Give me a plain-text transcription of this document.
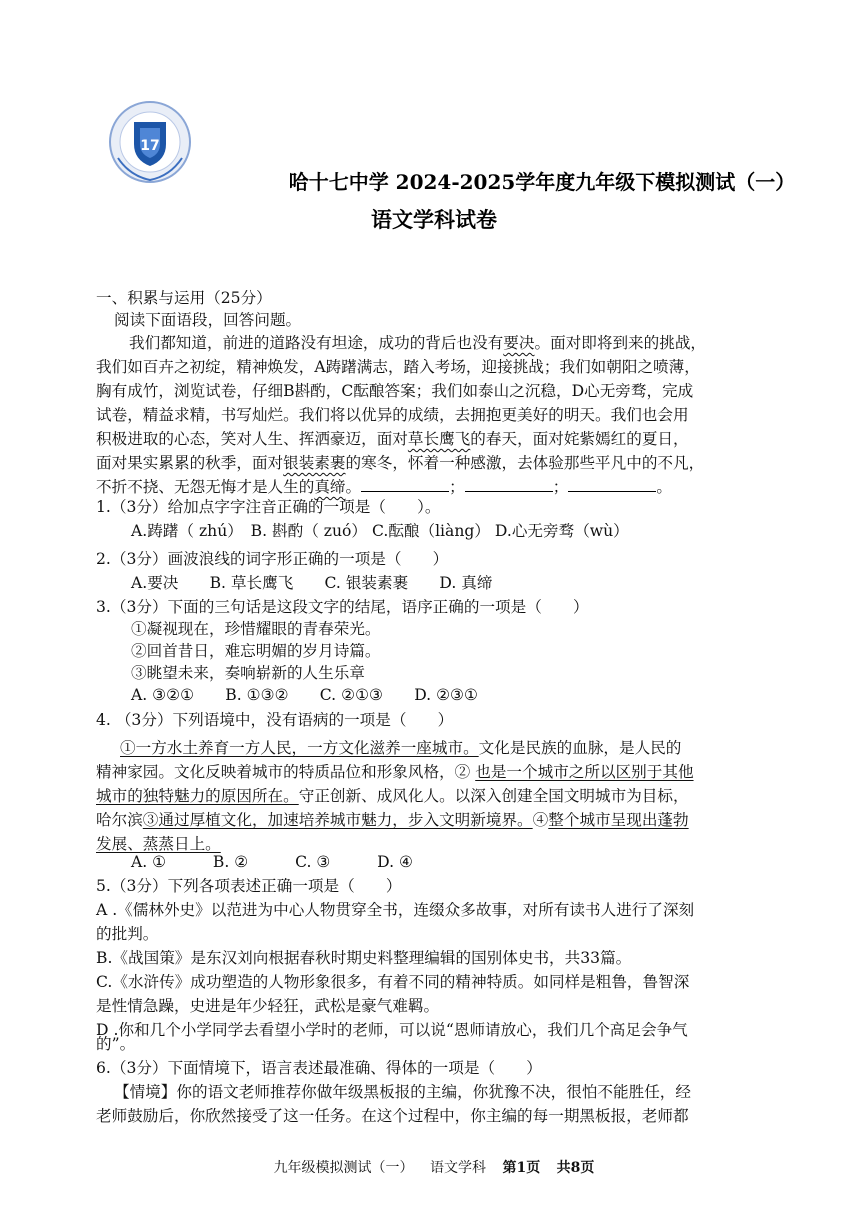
17
哈十七中学 2024-2025学年度九年级下模拟测试（一）
语文学科试卷
一、积累与运用（25分）
阅读下面语段，回答问题。
我们都知道，前进的道路没有坦途，成功的背后也没有要决。面对即将到来的挑战，
我们如百卉之初绽，精神焕发，A踌躇满志，踏入考场，迎接挑战；我们如朝阳之喷薄，
胸有成竹，浏览试卷，仔细B斟酌，C酝酿答案；我们如泰山之沉稳，D心无旁骛，完成
试卷，精益求精，书写灿烂。我们将以优异的成绩，去拥抱更美好的明天。我们也会用
积极进取的心态，笑对人生、挥洒豪迈，面对草长鹰飞的春天，面对姹紫嫣红的夏日，
面对果实累累的秋季，面对银装素裹的寒冬，怀着一种感激，去体验那些平凡中的不凡，
不折不挠、无怨无悔才是人生的真缔。	；	；	。
1.（3分）给加点字字注音正确的一项是（　　）。
A.踌躇（ zhú）　B. 斟酌（ zuó） C.酝酿（liàng） D.心无旁骛（wù）
2.（3分）画波浪线的词字形正确的一项是（　　）
A.要决　　B. 草长鹰飞　　C. 银装素裹　　D. 真缔
3.（3分）下面的三句话是这段文字的结尾，语序正确的一项是（　　）
①凝视现在，珍惜耀眼的青春荣光。
②回首昔日，难忘明媚的岁月诗篇。
③眺望未来，奏响崭新的人生乐章
A. ③②①　　B. ①③②　　C. ②①③　　D. ②③①
4. （3分）下列语境中，没有语病的一项是（　　）
①一方水土养育一方人民，一方文化滋养一座城市。文化是民族的血脉，是人民的
精神家园。文化反映着城市的特质品位和形象风格，② 也是一个城市之所以区别于其他
城市的独特魅力的原因所在。守正创新、成风化人。以深入创建全国文明城市为目标，
哈尔滨③通过厚植文化，加速培养城市魅力，步入文明新境界。④整个城市呈现出蓬勃
发展、蒸蒸日上。
A. ①　　　B. ②　　　C. ③　　　D. ④
5.（3分）下列各项表述正确一项是（　　）
A .《儒林外史》以范进为中心人物贯穿全书，连缀众多故事，对所有读书人进行了深刻
的批判。
B.《战国策》是东汉刘向根据春秋时期史料整理编辑的国别体史书，共33篇。
C.《水浒传》成功塑造的人物形象很多，有着不同的精神特质。如同样是粗鲁，鲁智深
是性情急躁，史进是年少轻狂，武松是豪气难羁。
D .你和几个小学同学去看望小学时的老师，可以说“恩师请放心，我们几个高足会争气
的”。
6.（3分）下面情境下，语言表述最准确、得体的一项是（　　）
【情境】你的语文老师推荐你做年级黑板报的主编，你犹豫不决，很怕不能胜任，经
老师鼓励后，你欣然接受了这一任务。在这个过程中，你主编的每一期黑板报，老师都
九年级模拟测试（一） 语文学科 第1页 共8页
